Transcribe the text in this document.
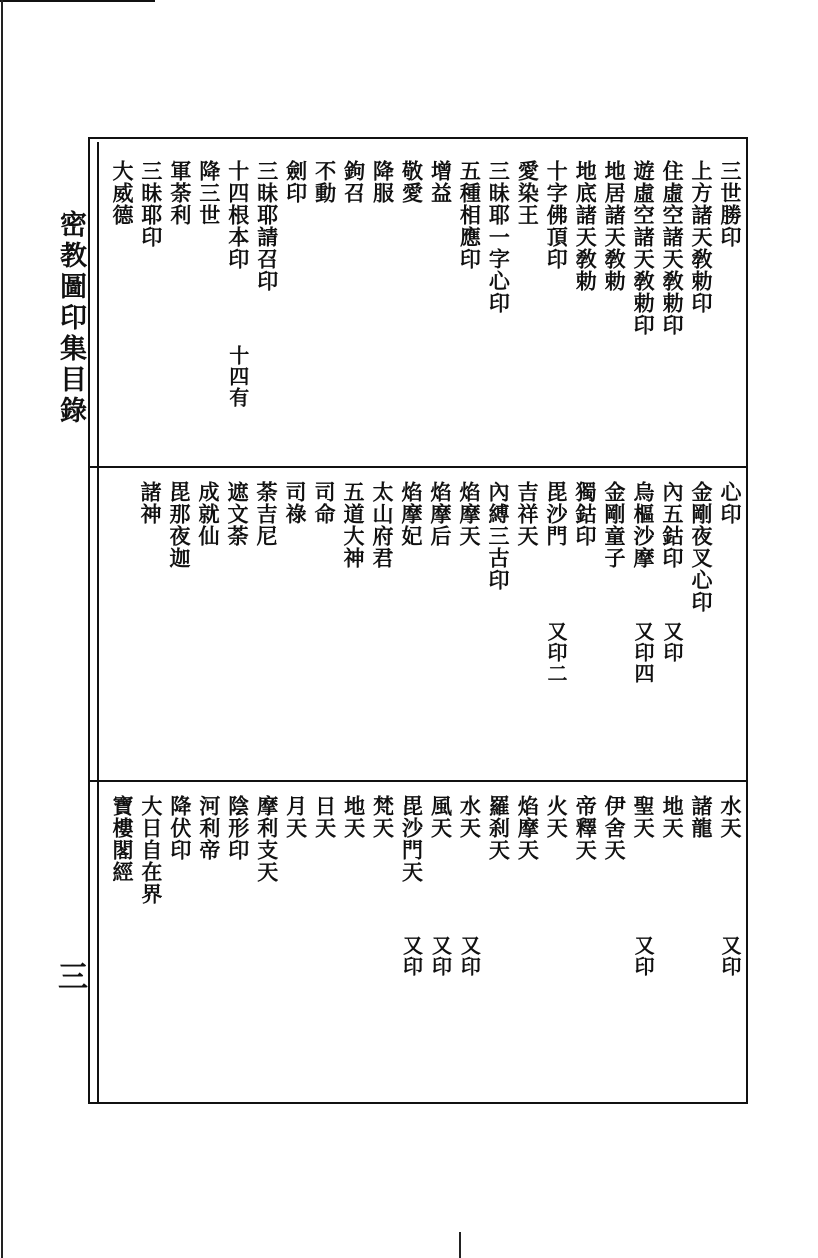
密教圖印集目錄
三
三世勝印
上方諸天敎勅印
住虛空諸天敎勅印
遊虛空諸天敎勅印
地居諸天敎勅
地底諸天敎勅
十字佛頂印
愛染王
三昧耶一字心印
五種相應印
增益
敬愛
降服
鉤召
不動
劍印
三昧耶請召印
十四根本印
十四有
降三世
軍荼利
三昧耶印
大威德
心印
金剛夜叉心印
內五鈷印
又印
烏樞沙摩
又印四
金剛童子
獨鈷印
毘沙門
又印二
吉祥天
內縛三古印
焰摩天
焰摩后
焰摩妃
太山府君
五道大神
司命
司祿
荼吉尼
遮文荼
成就仙
毘那夜迦
諸神
水天
又印
諸龍
地天
聖天
又印
伊舍天
帝釋天
火天
焰摩天
羅刹天
水天
又印
風天
又印
毘沙門天
又印
梵天
地天
日天
月天
摩利支天
陰形印
河利帝
降伏印
大日自在界
寶樓閣經
